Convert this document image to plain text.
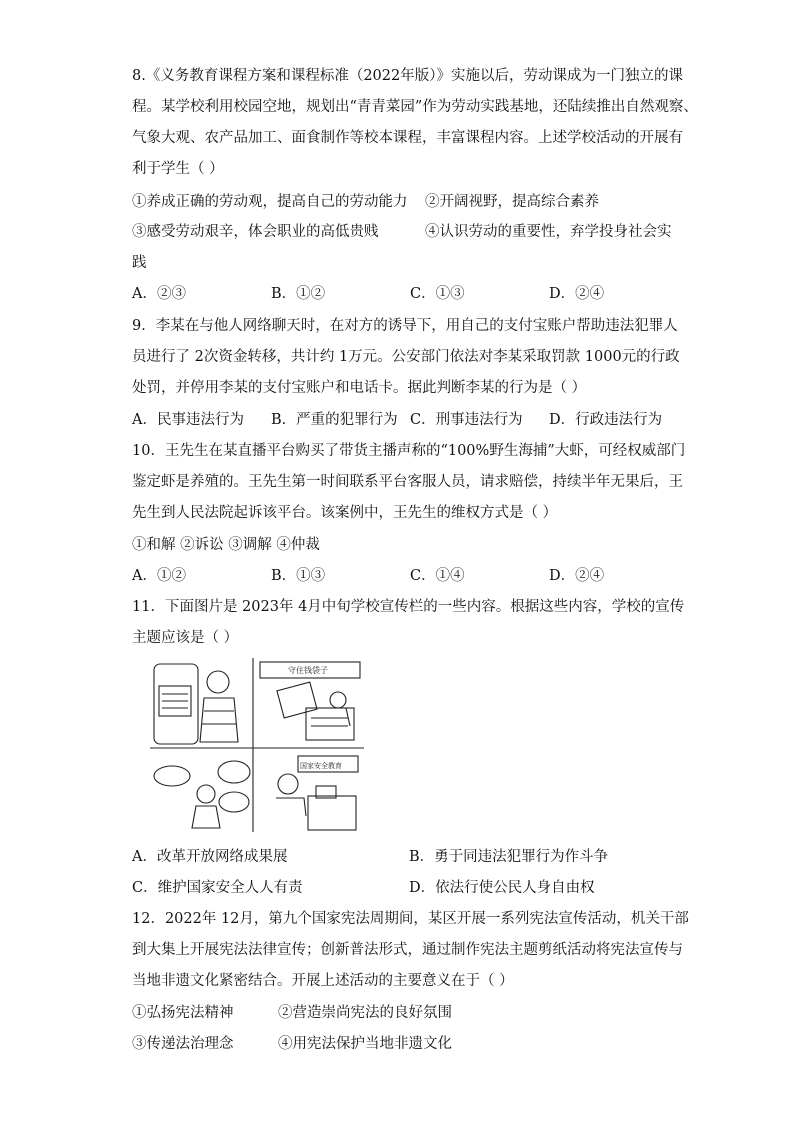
8.《义务教育课程方案和课程标准（2022年版）》实施以后，劳动课成为一门独立的课
程。某学校利用校园空地，规划出“青青菜园”作为劳动实践基地，还陆续推出自然观察、
气象大观、农产品加工、面食制作等校本课程，丰富课程内容。上述学校活动的开展有
利于学生（ ）
①养成正确的劳动观，提高自己的劳动能力 ②开阔视野，提高综合素养
③感受劳动艰辛，体会职业的高低贵贱	④认识劳动的重要性，弃学投身社会实
践
A．②③	B．①②	C．①③	D．②④
9．李某在与他人网络聊天时，在对方的诱导下，用自己的支付宝账户帮助违法犯罪人
员进行了 2次资金转移，共计约 1万元。公安部门依法对李某采取罚款 1000元的行政
处罚，并停用李某的支付宝账户和电话卡。据此判断李某的行为是（ ）
A．民事违法行为 B．严重的犯罪行为 C．刑事违法行为 D．行政违法行为
10．王先生在某直播平台购买了带货主播声称的“100%野生海捕”大虾，可经权威部门
鉴定虾是养殖的。王先生第一时间联系平台客服人员，请求赔偿，持续半年无果后，王
先生到人民法院起诉该平台。该案例中，王先生的维权方式是（ ）
①和解 ②诉讼 ③调解 ④仲裁
A．①②	B．①③	C．①④	D．②④
11．下面图片是 2023年 4月中旬学校宣传栏的一些内容。根据这些内容，学校的宣传
主题应该是（ ）
国家安全教育
守住钱袋子
A．改革开放网络成果展	B．勇于同违法犯罪行为作斗争
C．维护国家安全人人有责	D．依法行使公民人身自由权
12．2022年 12月，第九个国家宪法周期间，某区开展一系列宪法宣传活动，机关干部
到大集上开展宪法法律宣传；创新普法形式，通过制作宪法主题剪纸活动将宪法宣传与
当地非遗文化紧密结合。开展上述活动的主要意义在于（ ）
①弘扬宪法精神	②营造崇尚宪法的良好氛围
③传递法治理念	④用宪法保护当地非遗文化
